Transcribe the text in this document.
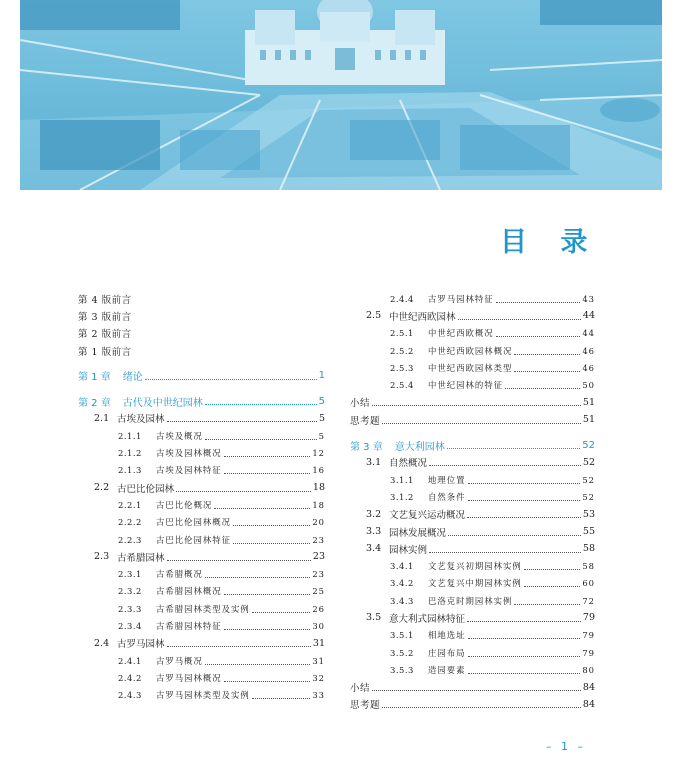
目 录
第 4 版前言
第 3 版前言
第 2 版前言
第 1 版前言
第 1 章 绪论	1
第 2 章 古代及中世纪园林	5
2.1 古埃及园林	5
2.1.1	古埃及概况	5
2.1.2	古埃及园林概况	12
2.1.3	古埃及园林特征	16
2.2 古巴比伦园林	18
2.2.1	古巴比伦概况	18
2.2.2	古巴比伦园林概况	20
2.2.3	古巴比伦园林特征	23
2.3 古希腊园林	23
2.3.1	古希腊概况	23
2.3.2	古希腊园林概况	25
2.3.3	古希腊园林类型及实例	26
2.3.4	古希腊园林特征	30
2.4 古罗马园林	31
2.4.1	古罗马概况	31
2.4.2	古罗马园林概况	32
2.4.3	古罗马园林类型及实例	33
2.4.4	古罗马园林特征	43
2.5 中世纪西欧园林	44
2.5.1	中世纪西欧概况	44
2.5.2	中世纪西欧园林概况	46
2.5.3	中世纪西欧园林类型	46
2.5.4	中世纪园林的特征	50
小结	51
思考题	51
第 3 章 意大利园林	52
3.1 自然概况	52
3.1.1	地理位置	52
3.1.2	自然条件	52
3.2 文艺复兴运动概况	53
3.3 园林发展概况	55
3.4 园林实例	58
3.4.1	文艺复兴初期园林实例	58
3.4.2	文艺复兴中期园林实例	60
3.4.3	巴洛克时期园林实例	72
3.5 意大利式园林特征	79
3.5.1	相地选址	79
3.5.2	庄园布局	79
3.5.3	造园要素	80
小结	84
思考题	84
– 1 –
